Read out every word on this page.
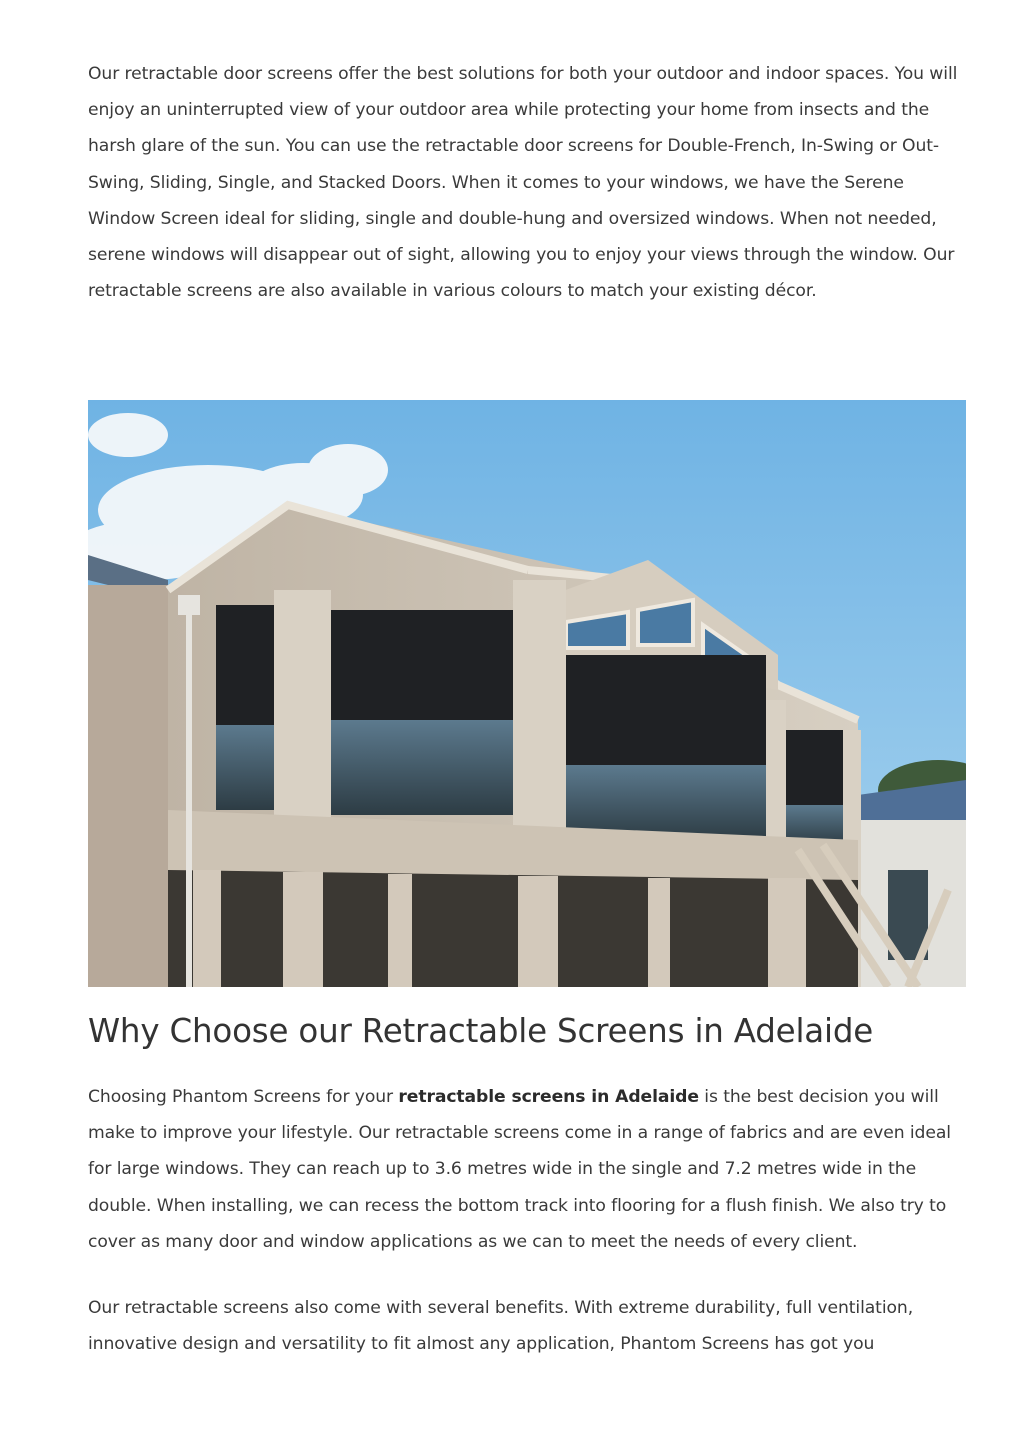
Our retractable door screens offer the best solutions for both your outdoor and indoor spaces. You will enjoy an uninterrupted view of your outdoor area while protecting your home from insects and the harsh glare of the sun. You can use the retractable door screens for Double-French, In-Swing or Out-Swing, Sliding, Single, and Stacked Doors. When it comes to your windows, we have the Serene Window Screen ideal for sliding, single and double-hung and oversized windows. When not needed, serene windows will disappear out of sight, allowing you to enjoy your views through the window. Our retractable screens are also available in various colours to match your existing décor.

Why Choose our Retractable Screens in Adelaide

Choosing Phantom Screens for your retractable screens in Adelaide is the best decision you will make to improve your lifestyle. Our retractable screens come in a range of fabrics and are even ideal for large windows. They can reach up to 3.6 metres wide in the single and 7.2 metres wide in the double. When installing, we can recess the bottom track into flooring for a flush finish. We also try to cover as many door and window applications as we can to meet the needs of every client.

Our retractable screens also come with several benefits. With extreme durability, full ventilation, innovative design and versatility to fit almost any application, Phantom Screens has got you
